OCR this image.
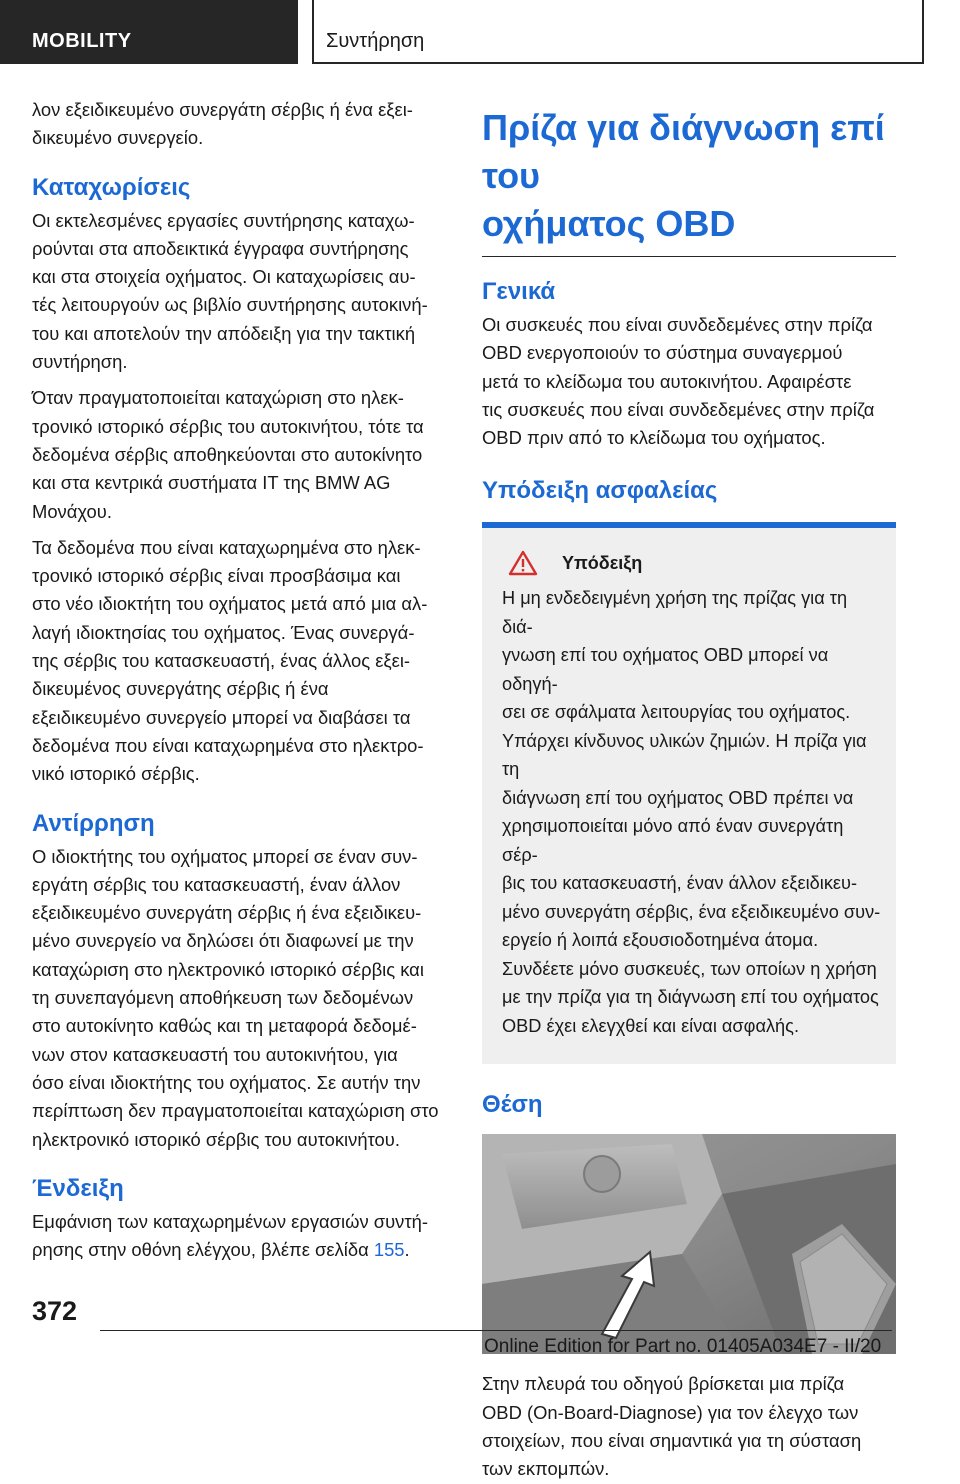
MOBILITY	Συντήρηση

λον εξειδικευμένο συνεργάτη σέρβις ή ένα εξει-
δικευμένο συνεργείο.

Καταχωρίσεις

Οι εκτελεσμένες εργασίες συντήρησης καταχω-
ρούνται στα αποδεικτικά έγγραφα συντήρησης
και στα στοιχεία οχήματος. Οι καταχωρίσεις αυ-
τές λειτουργούν ως βιβλίο συντήρησης αυτοκινή-
του και αποτελούν την απόδειξη για την τακτική
συντήρηση.

Όταν πραγματοποιείται καταχώριση στο ηλεκ-
τρονικό ιστορικό σέρβις του αυτοκινήτου, τότε τα
δεδομένα σέρβις αποθηκεύονται στο αυτοκίνητο
και στα κεντρικά συστήματα IT της BMW AG
Μονάχου.

Τα δεδομένα που είναι καταχωρημένα στο ηλεκ-
τρονικό ιστορικό σέρβις είναι προσβάσιμα και
στο νέο ιδιοκτήτη του οχήματος μετά από μια αλ-
λαγή ιδιοκτησίας του οχήματος. Ένας συνεργά-
της σέρβις του κατασκευαστή, ένας άλλος εξει-
δικευμένος συνεργάτης σέρβις ή ένα
εξειδικευμένο συνεργείο μπορεί να διαβάσει τα
δεδομένα που είναι καταχωρημένα στο ηλεκτρο-
νικό ιστορικό σέρβις.

Αντίρρηση

Ο ιδιοκτήτης του οχήματος μπορεί σε έναν συν-
εργάτη σέρβις του κατασκευαστή, έναν άλλον
εξειδικευμένο συνεργάτη σέρβις ή ένα εξειδικευ-
μένο συνεργείο να δηλώσει ότι διαφωνεί με την
καταχώριση στο ηλεκτρονικό ιστορικό σέρβις και
τη συνεπαγόμενη αποθήκευση των δεδομένων
στο αυτοκίνητο καθώς και τη μεταφορά δεδομέ-
νων στον κατασκευαστή του αυτοκινήτου, για
όσο είναι ιδιοκτήτης του οχήματος. Σε αυτήν την
περίπτωση δεν πραγματοποιείται καταχώριση στο
ηλεκτρονικό ιστορικό σέρβις του αυτοκινήτου.

Ένδειξη

Εμφάνιση των καταχωρημένων εργασιών συντή-
ρησης στην οθόνη ελέγχου, βλέπε σελίδα 155.

Πρίζα για διάγνωση επί του
οχήματος OBD
Γενικά

Οι συσκευές που είναι συνδεδεμένες στην πρίζα
OBD ενεργοποιούν το σύστημα συναγερμού
μετά το κλείδωμα του αυτοκινήτου. Αφαιρέστε
τις συσκευές που είναι συνδεδεμένες στην πρίζα
OBD πριν από το κλείδωμα του οχήματος.

Υπόδειξη ασφαλείας
Υπόδειξη

Η μη ενδεδειγμένη χρήση της πρίζας για τη διά-
γνωση επί του οχήματος OBD μπορεί να οδηγή-
σει σε σφάλματα λειτουργίας του οχήματος.
Υπάρχει κίνδυνος υλικών ζημιών. Η πρίζα για τη
διάγνωση επί του οχήματος OBD πρέπει να
χρησιμοποιείται μόνο από έναν συνεργάτη σέρ-
βις του κατασκευαστή, έναν άλλον εξειδικευ-
μένο συνεργάτη σέρβις, ένα εξειδικευμένο συν-
εργείο ή λοιπά εξουσιοδοτημένα άτομα.
Συνδέετε μόνο συσκευές, των οποίων η χρήση
με την πρίζα για τη διάγνωση επί του οχήματος
OBD έχει ελεγχθεί και είναι ασφαλής.

Θέση

Στην πλευρά του οδηγού βρίσκεται μια πρίζα
OBD (On-Board-Diagnose) για τον έλεγχο των
στοιχείων, που είναι σημαντικά για τη σύσταση
των εκπομπών.

372
Online Edition for Part no. 01405A034E7 - II/20
